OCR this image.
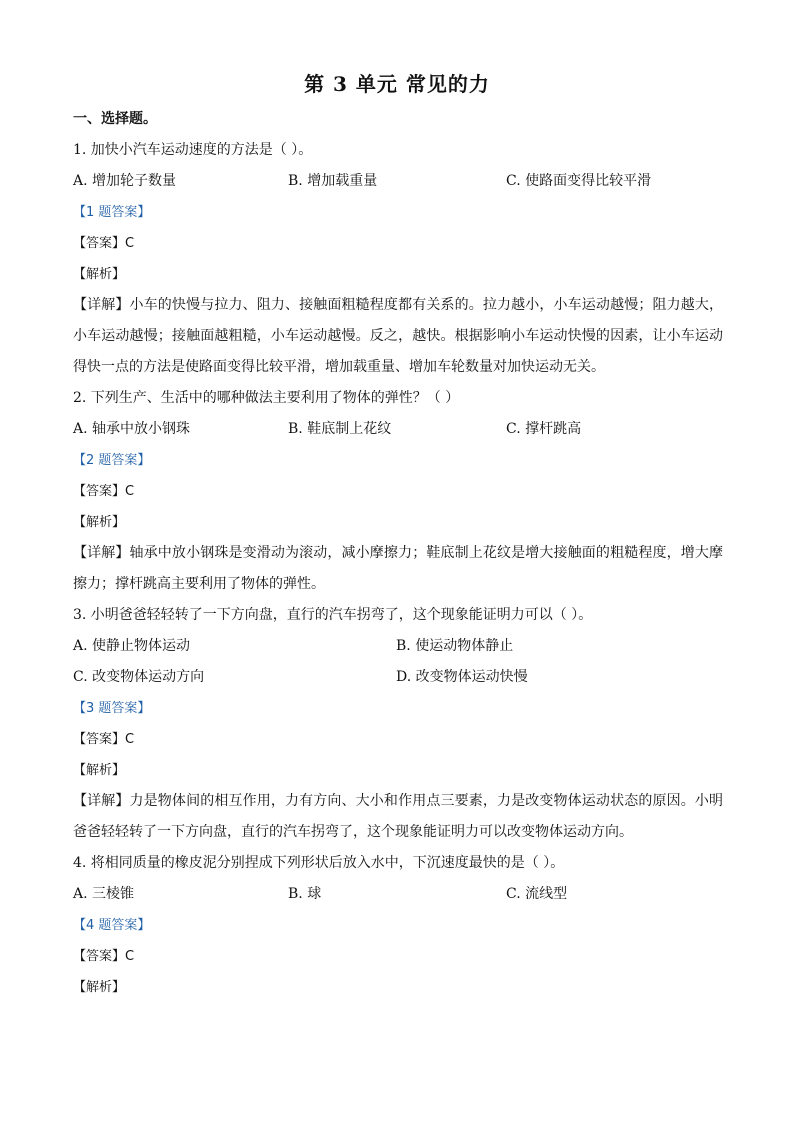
第 3 单元 常见的力
一、选择题。
1. 加快小汽车运动速度的方法是（ ）。
A. 增加轮子数量	B. 增加载重量	C. 使路面变得比较平滑
【1 题答案】
【答案】C
【解析】
【详解】小车的快慢与拉力、阻力、接触面粗糙程度都有关系的。拉力越小，小车运动越慢；阻力越大，小车运动越慢；接触面越粗糙，小车运动越慢。反之，越快。根据影响小车运动快慢的因素，让小车运动得快一点的方法是使路面变得比较平滑，增加载重量、增加车轮数量对加快运动无关。
2. 下列生产、生活中的哪种做法主要利用了物体的弹性？（ ）
A. 轴承中放小钢珠	B. 鞋底制上花纹	C. 撑杆跳高
【2 题答案】
【答案】C
【解析】
【详解】轴承中放小钢珠是变滑动为滚动，减小摩擦力；鞋底制上花纹是增大接触面的粗糙程度，增大摩擦力；撑杆跳高主要利用了物体的弹性。
3. 小明爸爸轻轻转了一下方向盘，直行的汽车拐弯了，这个现象能证明力可以（ ）。
A. 使静止物体运动	B. 使运动物体静止
C. 改变物体运动方向	D. 改变物体运动快慢
【3 题答案】
【答案】C
【解析】
【详解】力是物体间的相互作用，力有方向、大小和作用点三要素，力是改变物体运动状态的原因。小明爸爸轻轻转了一下方向盘，直行的汽车拐弯了，这个现象能证明力可以改变物体运动方向。
4. 将相同质量的橡皮泥分别捏成下列形状后放入水中，下沉速度最快的是（ ）。
A. 三棱锥	B. 球	C. 流线型
【4 题答案】
【答案】C
【解析】
